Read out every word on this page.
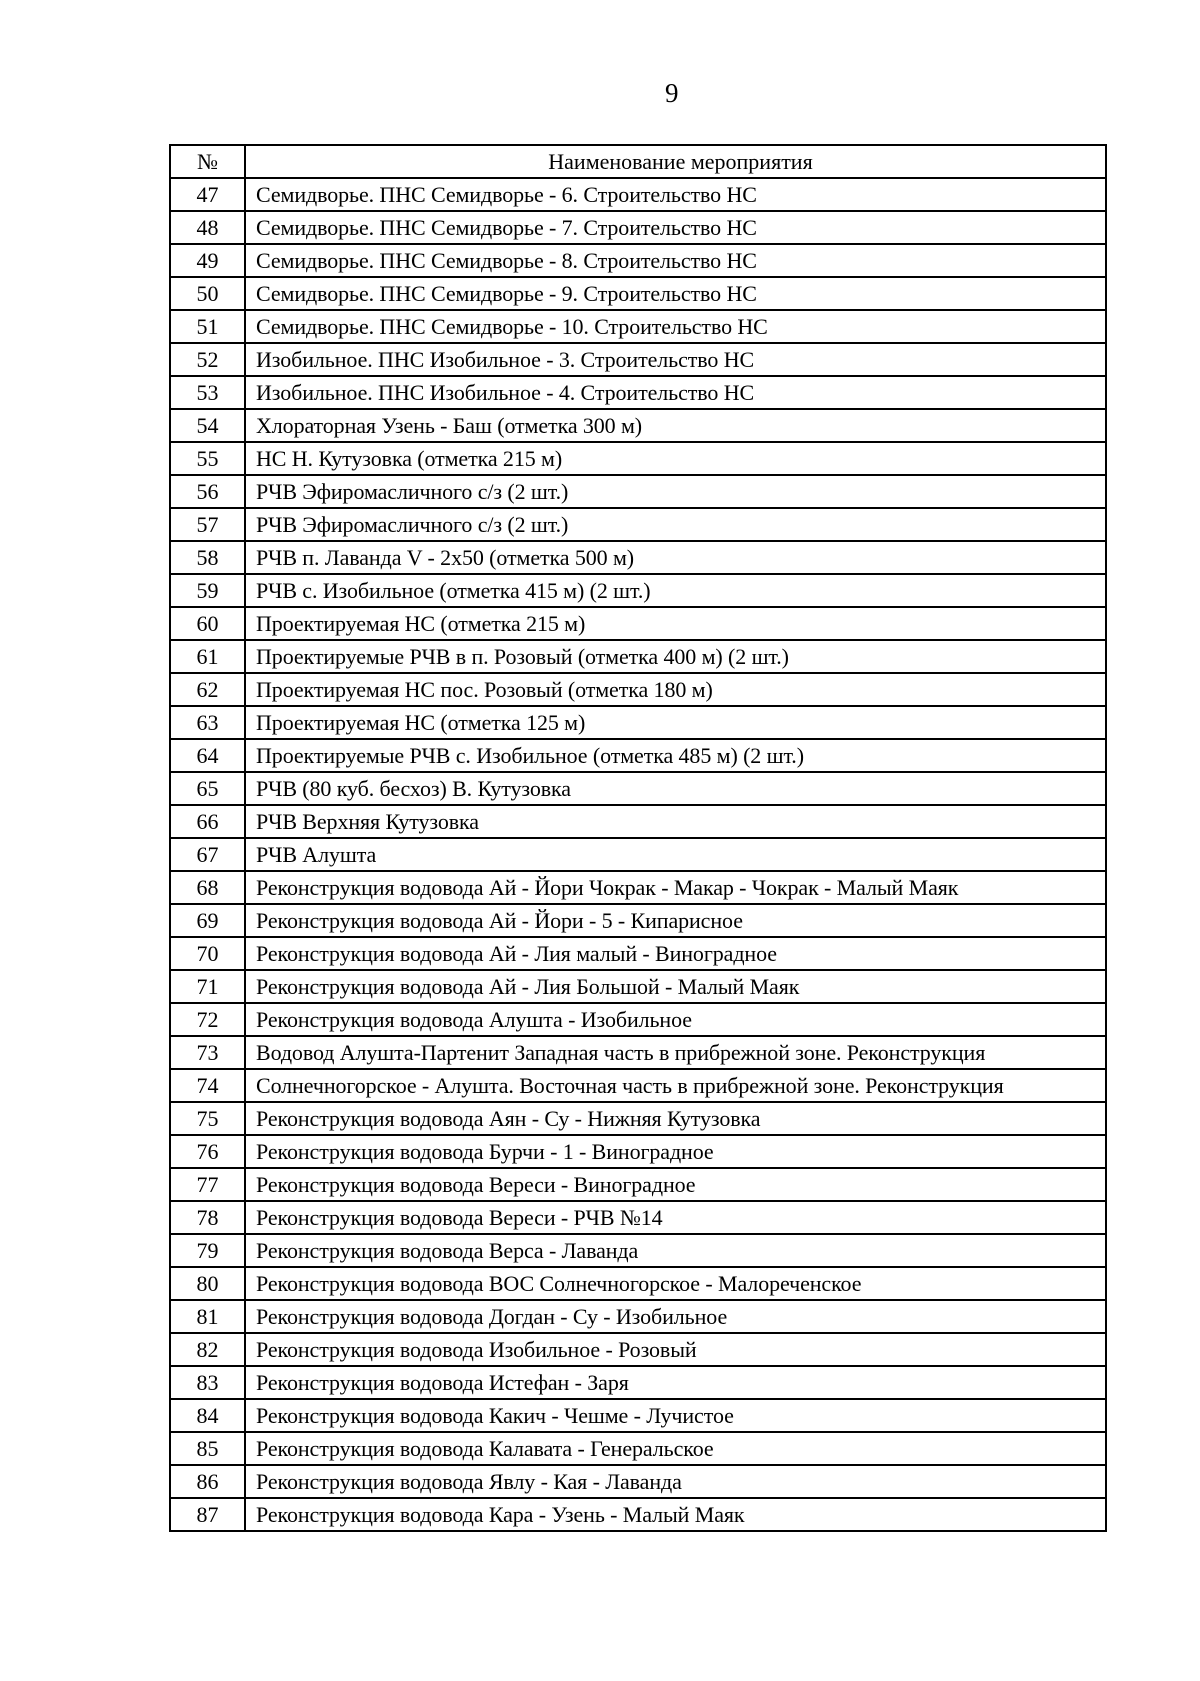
9
№	Наименование мероприятия
47	Семидворье. ПНС Семидворье - 6. Строительство НС
48	Семидворье. ПНС Семидворье - 7. Строительство НС
49	Семидворье. ПНС Семидворье - 8. Строительство НС
50	Семидворье. ПНС Семидворье - 9. Строительство НС
51	Семидворье. ПНС Семидворье - 10. Строительство НС
52	Изобильное. ПНС Изобильное - 3. Строительство НС
53	Изобильное. ПНС Изобильное - 4. Строительство НС
54	Хлораторная Узень - Баш (отметка 300 м)
55	НС Н. Кутузовка (отметка 215 м)
56	РЧВ Эфиромасличного с/з (2 шт.)
57	РЧВ Эфиромасличного с/з (2 шт.)
58	РЧВ п. Лаванда V - 2х50 (отметка 500 м)
59	РЧВ с. Изобильное (отметка 415 м) (2 шт.)
60	Проектируемая НС (отметка 215 м)
61	Проектируемые РЧВ в п. Розовый (отметка 400 м) (2 шт.)
62	Проектируемая НС пос. Розовый (отметка 180 м)
63	Проектируемая НС (отметка 125 м)
64	Проектируемые РЧВ с. Изобильное (отметка 485 м) (2 шт.)
65	РЧВ (80 куб. бесхоз) В. Кутузовка
66	РЧВ Верхняя Кутузовка
67	РЧВ Алушта
68	Реконструкция водовода Ай - Йори Чокрак - Макар - Чокрак - Малый Маяк
69	Реконструкция водовода Ай - Йори - 5 - Кипарисное
70	Реконструкция водовода Ай - Лия малый - Виноградное
71	Реконструкция водовода Ай - Лия Большой - Малый Маяк
72	Реконструкция водовода Алушта - Изобильное
73	Водовод Алушта-Партенит Западная часть в прибрежной зоне. Реконструкция
74	Солнечногорское - Алушта. Восточная часть в прибрежной зоне. Реконструкция
75	Реконструкция водовода Аян - Су - Нижняя Кутузовка
76	Реконструкция водовода Бурчи - 1 - Виноградное
77	Реконструкция водовода Вереси - Виноградное
78	Реконструкция водовода Вереси - РЧВ №14
79	Реконструкция водовода Верса - Лаванда
80	Реконструкция водовода ВОС Солнечногорское - Малореченское
81	Реконструкция водовода Догдан - Су - Изобильное
82	Реконструкция водовода Изобильное - Розовый
83	Реконструкция водовода Истефан - Заря
84	Реконструкция водовода Какич - Чешме - Лучистое
85	Реконструкция водовода Калавата - Генеральское
86	Реконструкция водовода Явлу - Кая - Лаванда
87	Реконструкция водовода Кара - Узень - Малый Маяк
